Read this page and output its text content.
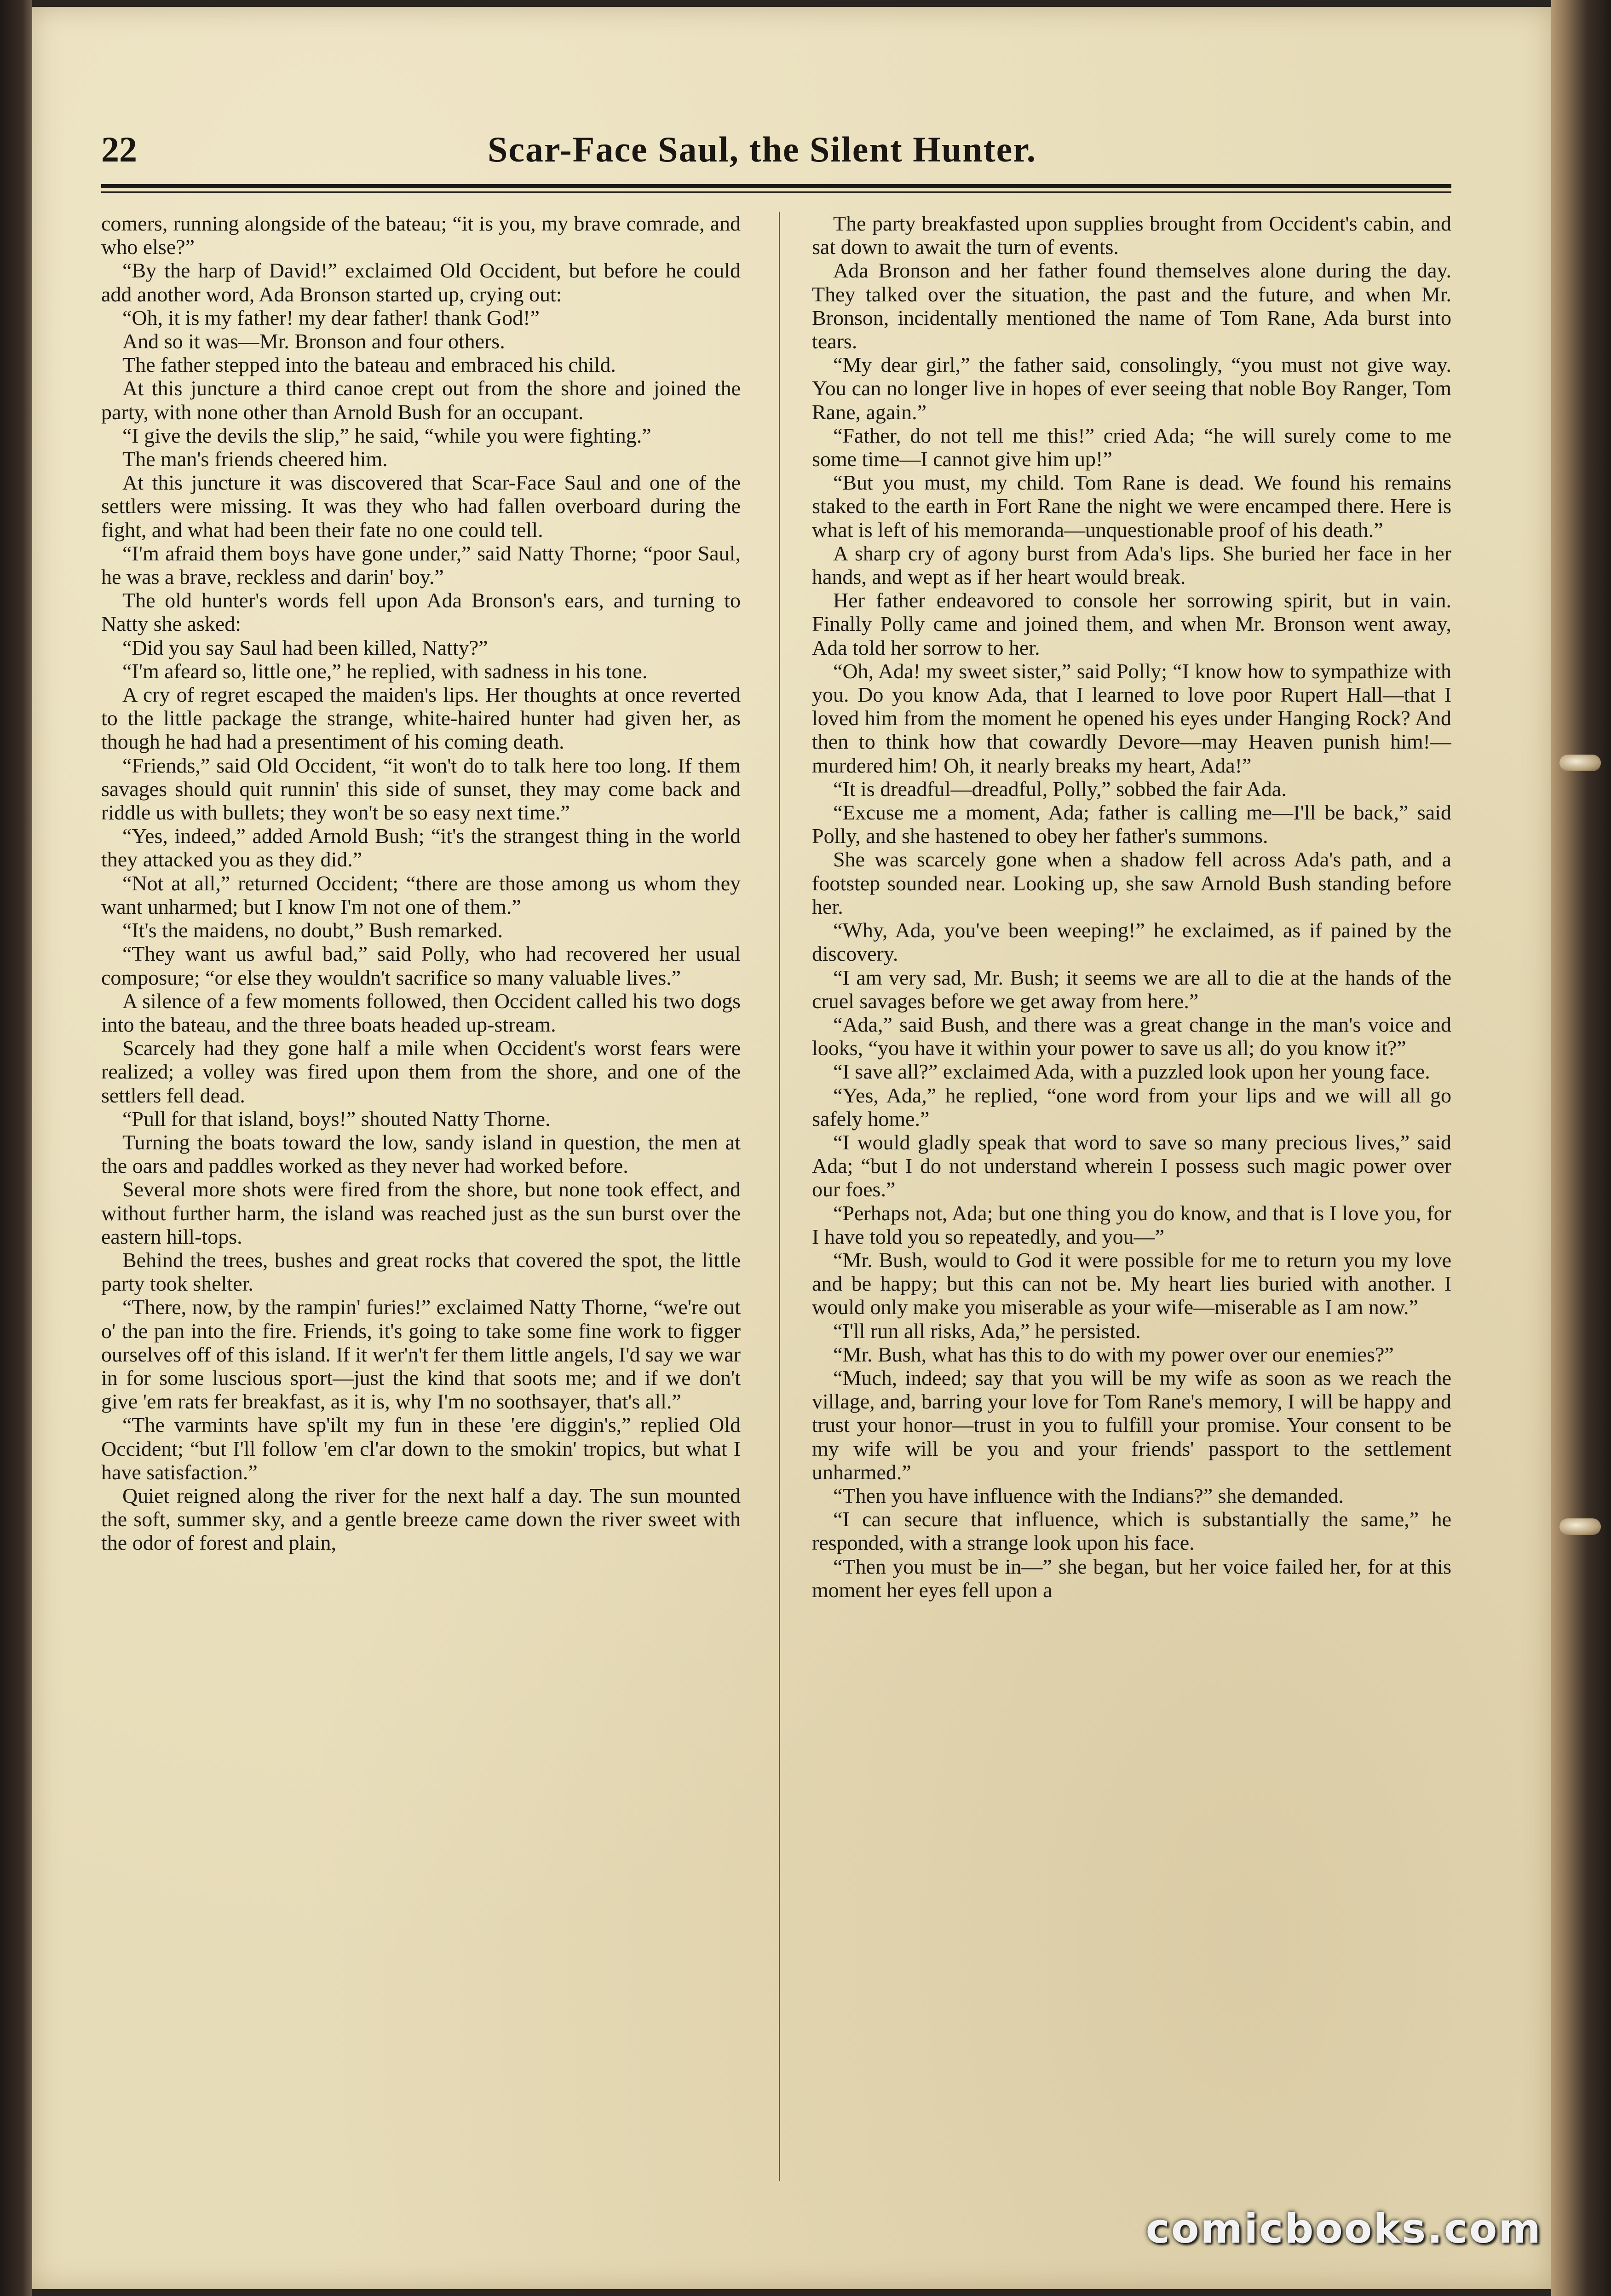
22	Scar-Face Saul, the Silent Hunter.

comers, running alongside of the bateau; “it is you, my brave comrade, and who else?”

“By the harp of David!” exclaimed Old Occident, but before he could add another word, Ada Bronson started up, crying out:

“Oh, it is my father! my dear father! thank God!”

And so it was—Mr. Bronson and four others.

The father stepped into the bateau and embraced his child.

At this juncture a third canoe crept out from the shore and joined the party, with none other than Arnold Bush for an occupant.

“I give the devils the slip,” he said, “while you were fighting.”

The man's friends cheered him.

At this juncture it was discovered that Scar-Face Saul and one of the settlers were missing. It was they who had fallen overboard during the fight, and what had been their fate no one could tell.

“I'm afraid them boys have gone under,” said Natty Thorne; “poor Saul, he was a brave, reckless and darin' boy.”

The old hunter's words fell upon Ada Bronson's ears, and turning to Natty she asked:

“Did you say Saul had been killed, Natty?”

“I'm afeard so, little one,” he replied, with sadness in his tone.

A cry of regret escaped the maiden's lips. Her thoughts at once reverted to the little package the strange, white-haired hunter had given her, as though he had had a presentiment of his coming death.

“Friends,” said Old Occident, “it won't do to talk here too long. If them savages should quit runnin' this side of sunset, they may come back and riddle us with bullets; they won't be so easy next time.”

“Yes, indeed,” added Arnold Bush; “it's the strangest thing in the world they attacked you as they did.”

“Not at all,” returned Occident; “there are those among us whom they want unharmed; but I know I'm not one of them.”

“It's the maidens, no doubt,” Bush remarked.

“They want us awful bad,” said Polly, who had recovered her usual composure; “or else they wouldn't sacrifice so many valuable lives.”

A silence of a few moments followed, then Occident called his two dogs into the bateau, and the three boats headed up-stream.

Scarcely had they gone half a mile when Occident's worst fears were realized; a volley was fired upon them from the shore, and one of the settlers fell dead.

“Pull for that island, boys!” shouted Natty Thorne.

Turning the boats toward the low, sandy island in question, the men at the oars and paddles worked as they never had worked before.

Several more shots were fired from the shore, but none took effect, and without further harm, the island was reached just as the sun burst over the eastern hill-tops.

Behind the trees, bushes and great rocks that covered the spot, the little party took shelter.

“There, now, by the rampin' furies!” exclaimed Natty Thorne, “we're out o' the pan into the fire. Friends, it's going to take some fine work to figger ourselves off of this island. If it wer'n't fer them little angels, I'd say we war in for some luscious sport—just the kind that soots me; and if we don't give 'em rats fer breakfast, as it is, why I'm no soothsayer, that's all.”

“The varmints have sp'ilt my fun in these 'ere diggin's,” replied Old Occident; “but I'll follow 'em cl'ar down to the smokin' tropics, but what I have satisfaction.”

Quiet reigned along the river for the next half a day. The sun mounted the soft, summer sky, and a gentle breeze came down the river sweet with the odor of forest and plain,

The party breakfasted upon supplies brought from Occident's cabin, and sat down to await the turn of events.

Ada Bronson and her father found themselves alone during the day. They talked over the situation, the past and the future, and when Mr. Bronson, incidentally mentioned the name of Tom Rane, Ada burst into tears.

“My dear girl,” the father said, consolingly, “you must not give way. You can no longer live in hopes of ever seeing that noble Boy Ranger, Tom Rane, again.”

“Father, do not tell me this!” cried Ada; “he will surely come to me some time—I cannot give him up!”

“But you must, my child. Tom Rane is dead. We found his remains staked to the earth in Fort Rane the night we were encamped there. Here is what is left of his memoranda—unquestionable proof of his death.”

A sharp cry of agony burst from Ada's lips. She buried her face in her hands, and wept as if her heart would break.

Her father endeavored to console her sorrowing spirit, but in vain. Finally Polly came and joined them, and when Mr. Bronson went away, Ada told her sorrow to her.

“Oh, Ada! my sweet sister,” said Polly; “I know how to sympathize with you. Do you know Ada, that I learned to love poor Rupert Hall—that I loved him from the moment he opened his eyes under Hanging Rock? And then to think how that cowardly Devore—may Heaven punish him!—murdered him! Oh, it nearly breaks my heart, Ada!”

“It is dreadful—dreadful, Polly,” sobbed the fair Ada.

“Excuse me a moment, Ada; father is calling me—I'll be back,” said Polly, and she hastened to obey her father's summons.

She was scarcely gone when a shadow fell across Ada's path, and a footstep sounded near. Looking up, she saw Arnold Bush standing before her.

“Why, Ada, you've been weeping!” he exclaimed, as if pained by the discovery.

“I am very sad, Mr. Bush; it seems we are all to die at the hands of the cruel savages before we get away from here.”

“Ada,” said Bush, and there was a great change in the man's voice and looks, “you have it within your power to save us all; do you know it?”

“I save all?” exclaimed Ada, with a puzzled look upon her young face.

“Yes, Ada,” he replied, “one word from your lips and we will all go safely home.”

“I would gladly speak that word to save so many precious lives,” said Ada; “but I do not understand wherein I possess such magic power over our foes.”

“Perhaps not, Ada; but one thing you do know, and that is I love you, for I have told you so repeatedly, and you—”

“Mr. Bush, would to God it were possible for me to return you my love and be happy; but this can not be. My heart lies buried with another. I would only make you miserable as your wife—miserable as I am now.”

“I'll run all risks, Ada,” he persisted.

“Mr. Bush, what has this to do with my power over our enemies?”

“Much, indeed; say that you will be my wife as soon as we reach the village, and, barring your love for Tom Rane's memory, I will be happy and trust your honor—trust in you to fulfill your promise. Your consent to be my wife will be you and your friends' passport to the settlement unharmed.”

“Then you have influence with the Indians?” she demanded.

“I can secure that influence, which is substantially the same,” he responded, with a strange look upon his face.

“Then you must be in—” she began, but her voice failed her, for at this moment her eyes fell upon a

comicbooks.com
